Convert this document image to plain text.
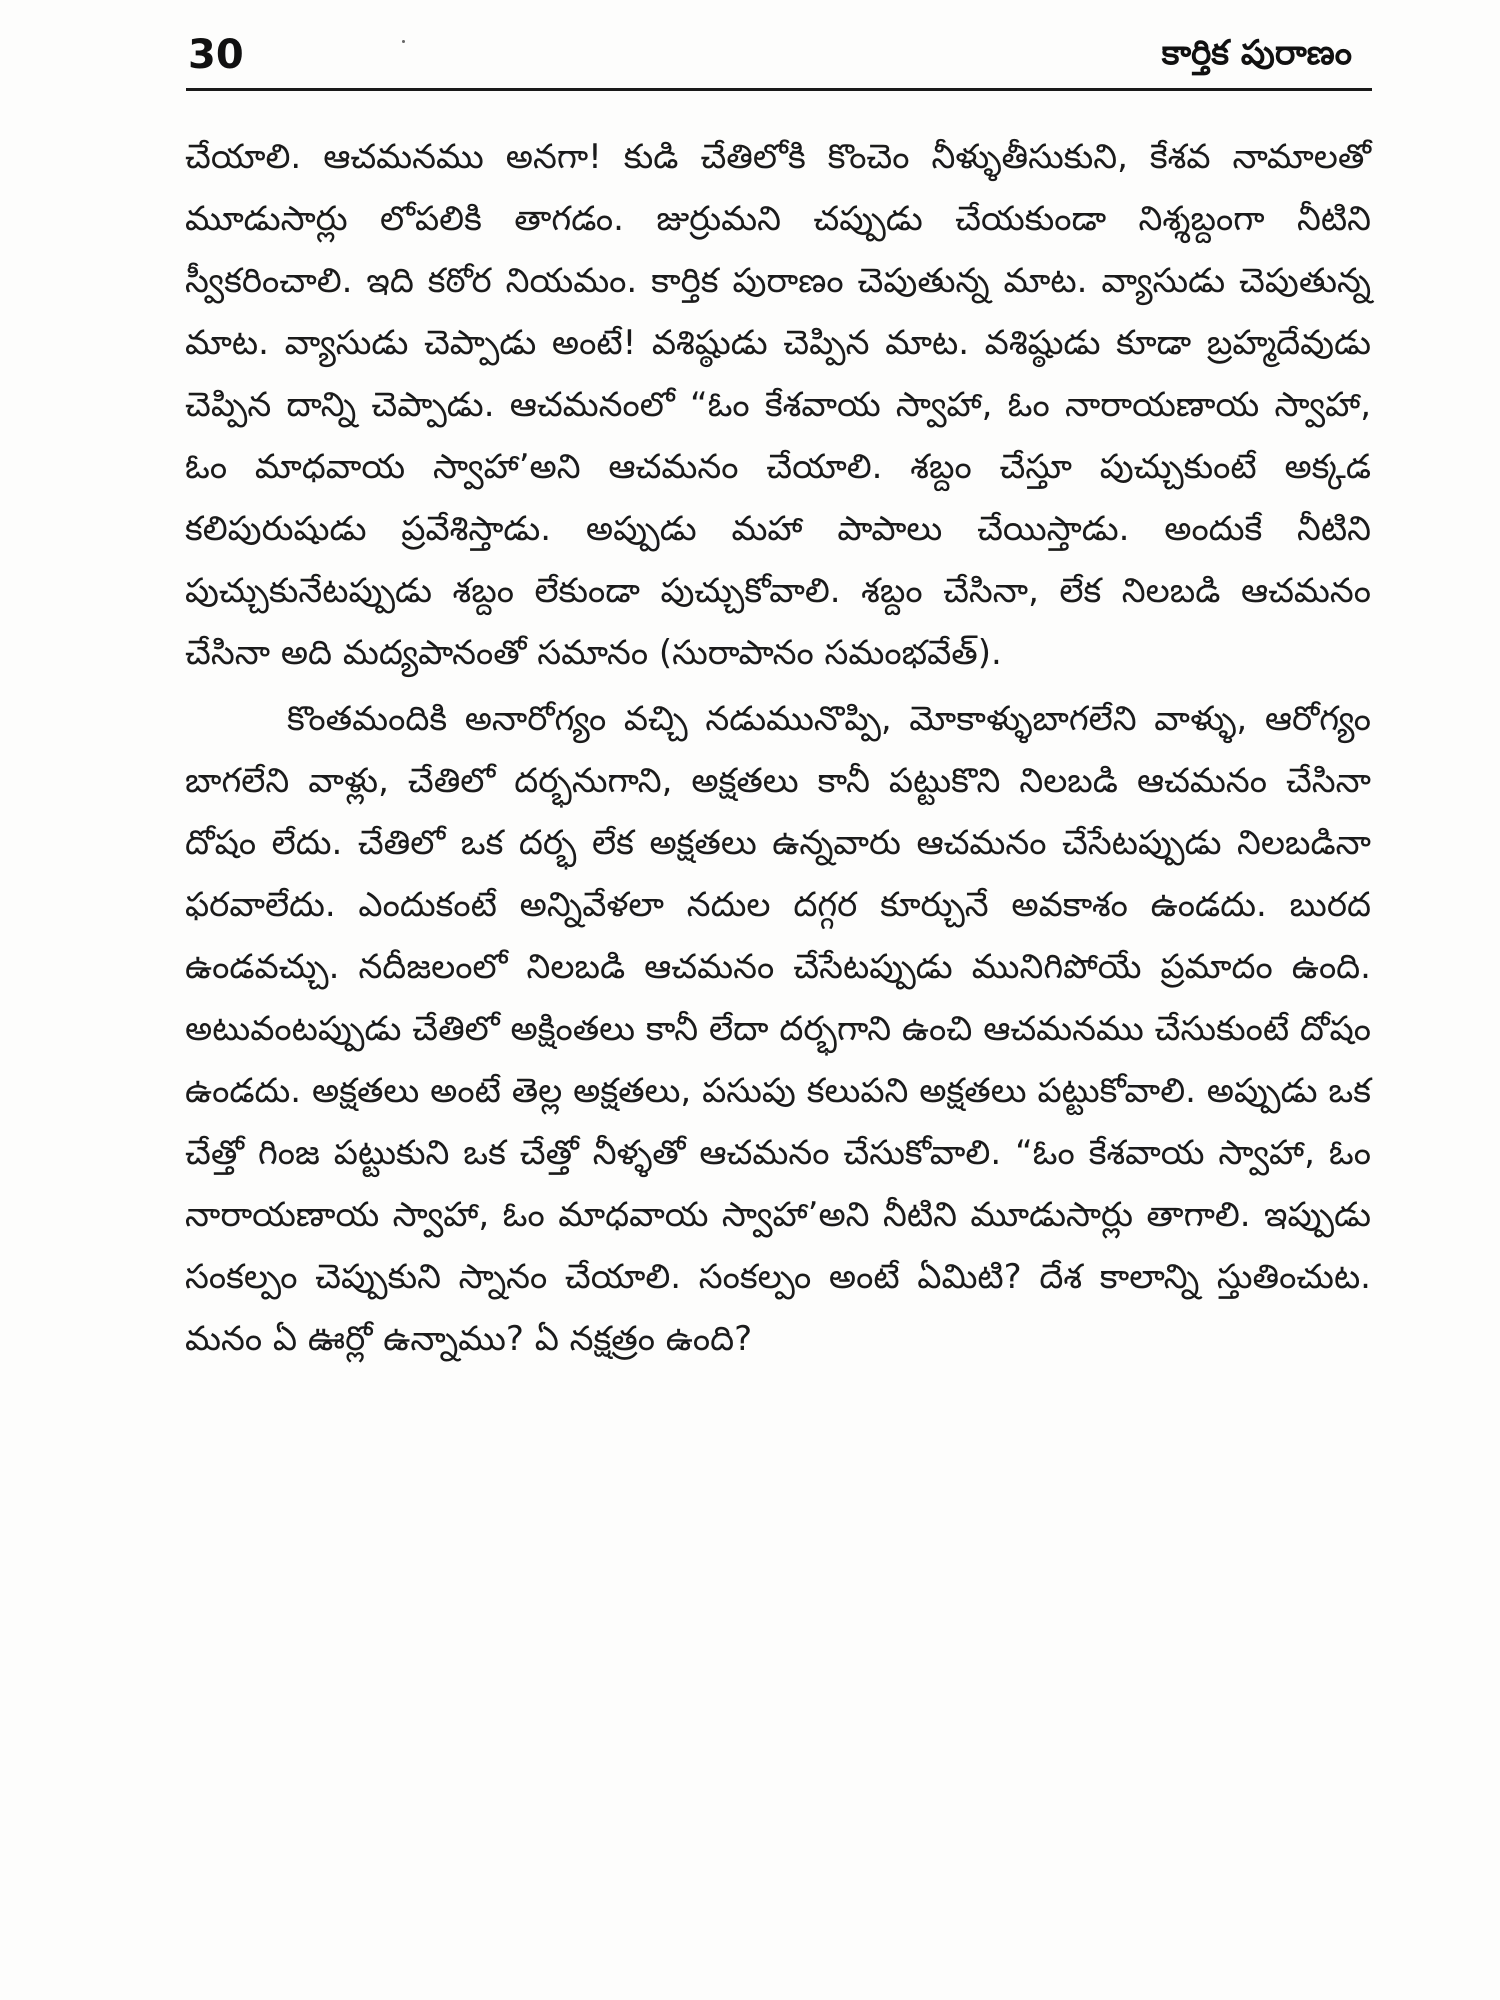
30	కార్తిక పురాణం

చేయాలి. ఆచమనము అనగా! కుడి చేతిలోకి కొంచెం నీళ్ళుతీసుకుని, కేశవ నామాలతో మూడుసార్లు లోపలికి తాగడం. జుర్రుమని చప్పుడు చేయకుండా నిశ్శబ్దంగా నీటిని స్వీకరించాలి. ఇది కఠోర నియమం. కార్తిక పురాణం చెపుతున్న మాట. వ్యాసుడు చెపుతున్న మాట. వ్యాసుడు చెప్పాడు అంటే! వశిష్ఠుడు చెప్పిన మాట. వశిష్ఠుడు కూడా బ్రహ్మదేవుడు చెప్పిన దాన్ని చెప్పాడు. ఆచమనంలో “ఓం కేశవాయ స్వాహా, ఓం నారాయణాయ స్వాహా, ఓం మాధవాయ స్వాహా’అని ఆచమనం చేయాలి. శబ్దం చేస్తూ పుచ్చుకుంటే అక్కడ కలిపురుషుడు ప్రవేశిస్తాడు. అప్పుడు మహా పాపాలు చేయిస్తాడు. అందుకే నీటిని పుచ్చుకునేటప్పుడు శబ్దం లేకుండా పుచ్చుకోవాలి. శబ్దం చేసినా, లేక నిలబడి ఆచమనం చేసినా అది మద్యపానంతో సమానం (సురాపానం సమంభవేత్).

కొంతమందికి అనారోగ్యం వచ్చి నడుమునొప్పి, మోకాళ్ళుబాగలేని వాళ్ళు, ఆరోగ్యం బాగలేని వాళ్లు, చేతిలో దర్భనుగాని, అక్షతలు కానీ పట్టుకొని నిలబడి ఆచమనం చేసినా దోషం లేదు. చేతిలో ఒక దర్భ లేక అక్షతలు ఉన్నవారు ఆచమనం చేసేటప్పుడు నిలబడినా ఫరవాలేదు. ఎందుకంటే అన్నివేళలా నదుల దగ్గర కూర్చునే అవకాశం ఉండదు. బురద ఉండవచ్చు. నదీజలంలో నిలబడి ఆచమనం చేసేటప్పుడు మునిగిపోయే ప్రమాదం ఉంది. అటువంటప్పుడు చేతిలో అక్షింతలు కానీ లేదా దర్భగాని ఉంచి ఆచమనము చేసుకుంటే దోషం ఉండదు. అక్షతలు అంటే తెల్ల అక్షతలు, పసుపు కలుపని అక్షతలు పట్టుకోవాలి. అప్పుడు ఒక చేత్తో గింజ పట్టుకుని ఒక చేత్తో నీళ్ళతో ఆచమనం చేసుకోవాలి. “ఓం కేశవాయ స్వాహా, ఓం నారాయణాయ స్వాహా, ఓం మాధవాయ స్వాహా’అని నీటిని మూడుసార్లు తాగాలి. ఇప్పుడు సంకల్పం చెప్పుకుని స్నానం చేయాలి. సంకల్పం అంటే ఏమిటి? దేశ కాలాన్ని స్తుతించుట. మనం ఏ ఊర్లో ఉన్నాము? ఏ నక్షత్రం ఉంది?
